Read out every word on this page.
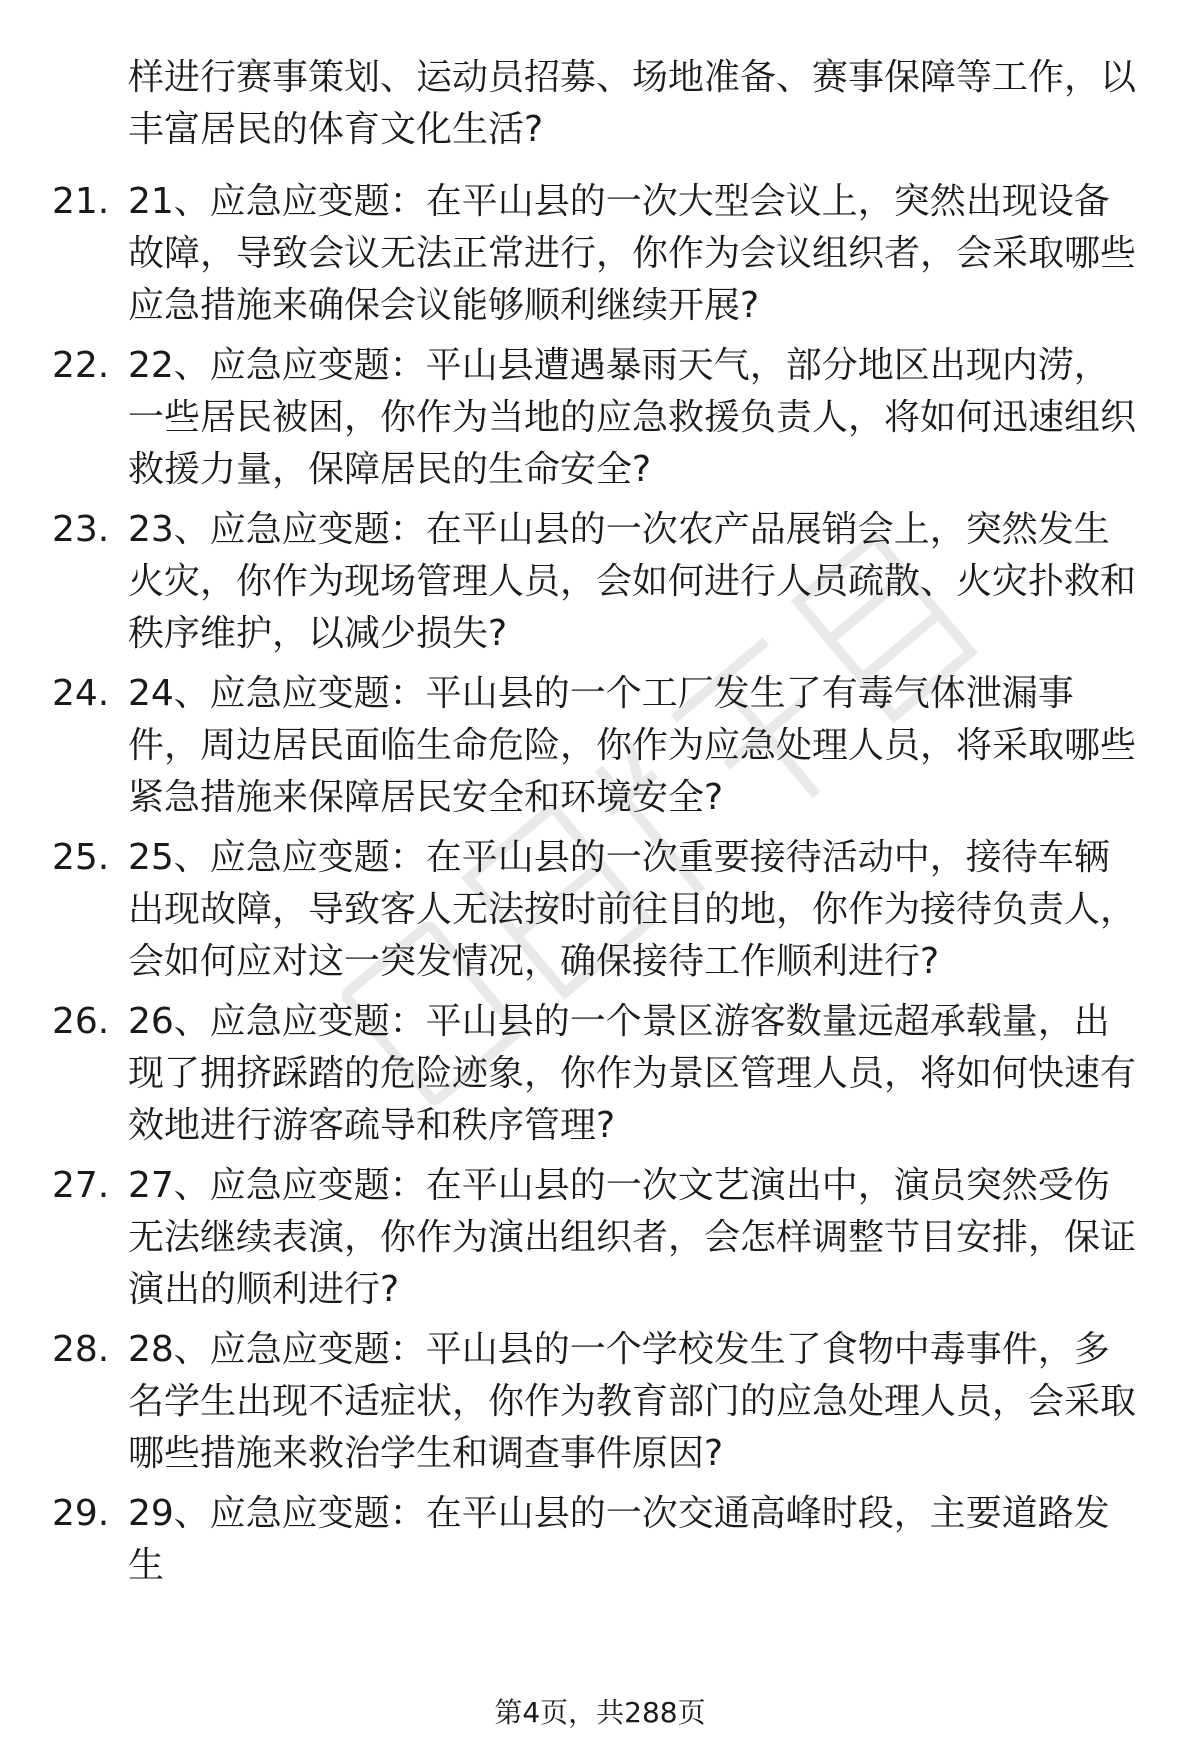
样进行赛事策划、运动员招募、场地准备、赛事保障等工作，以丰富居民的体育文化生活?
21. 21、应急应变题：在平山县的一次大型会议上，突然出现设备故障，导致会议无法正常进行，你作为会议组织者，会采取哪些应急措施来确保会议能够顺利继续开展?
22. 22、应急应变题：平山县遭遇暴雨天气，部分地区出现内涝，一些居民被困，你作为当地的应急救援负责人，将如何迅速组织救援力量，保障居民的生命安全?
23. 23、应急应变题：在平山县的一次农产品展销会上，突然发生火灾，你作为现场管理人员，会如何进行人员疏散、火灾扑救和秩序维护，以减少损失?
24. 24、应急应变题：平山县的一个工厂发生了有毒气体泄漏事件，周边居民面临生命危险，你作为应急处理人员，将采取哪些紧急措施来保障居民安全和环境安全?
25. 25、应急应变题：在平山县的一次重要接待活动中，接待车辆出现故障，导致客人无法按时前往目的地，你作为接待负责人，会如何应对这一突发情况，确保接待工作顺利进行?
26. 26、应急应变题：平山县的一个景区游客数量远超承载量，出现了拥挤踩踏的危险迹象，你作为景区管理人员，将如何快速有效地进行游客疏导和秩序管理?
27. 27、应急应变题：在平山县的一次文艺演出中，演员突然受伤无法继续表演，你作为演出组织者，会怎样调整节目安排，保证演出的顺利进行?
28. 28、应急应变题：平山县的一个学校发生了食物中毒事件，多名学生出现不适症状，你作为教育部门的应急处理人员，会采取哪些措施来救治学生和调查事件原因?
29. 29、应急应变题：在平山县的一次交通高峰时段，主要道路发生
第4页，共288页
